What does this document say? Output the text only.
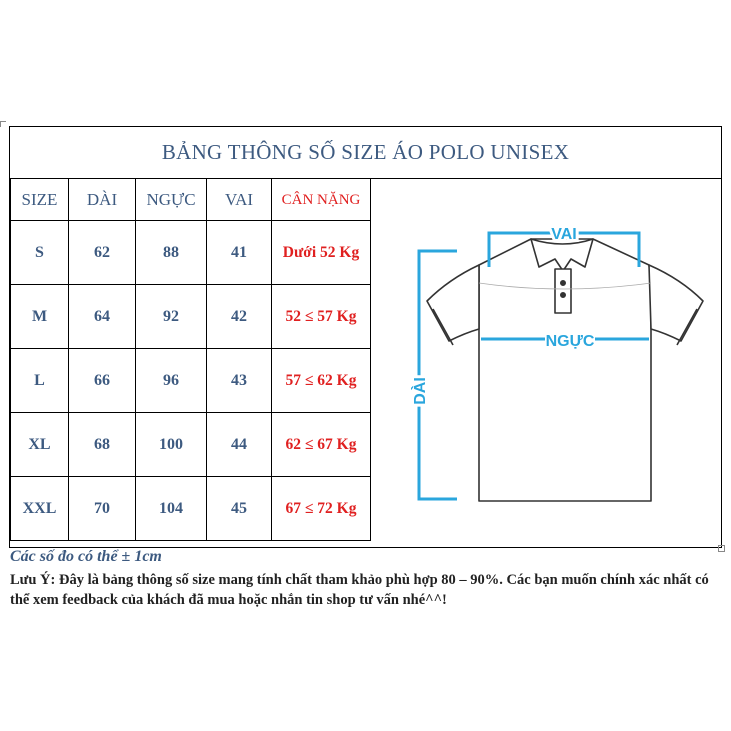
BẢNG THÔNG SỐ SIZE ÁO POLO UNISEX
SIZE	DÀI	NGỰC	VAI	CÂN NẶNG
S	62	88	41	Dưới 52 Kg
M	64	92	42	52 ≤ 57 Kg
L	66	96	43	57 ≤ 62 Kg
XL	68	100	44	62 ≤ 67 Kg
XXL	70	104	45	67 ≤ 72 Kg
VAI
NGỰC
DÀI
Các số đo có thể ± 1cm
Lưu Ý: Đây là bảng thông số size mang tính chất tham khảo phù hợp 80 – 90%. Các bạn muốn chính xác nhất có thể xem feedback của khách đã mua hoặc nhắn tin shop tư vấn nhé^^!
